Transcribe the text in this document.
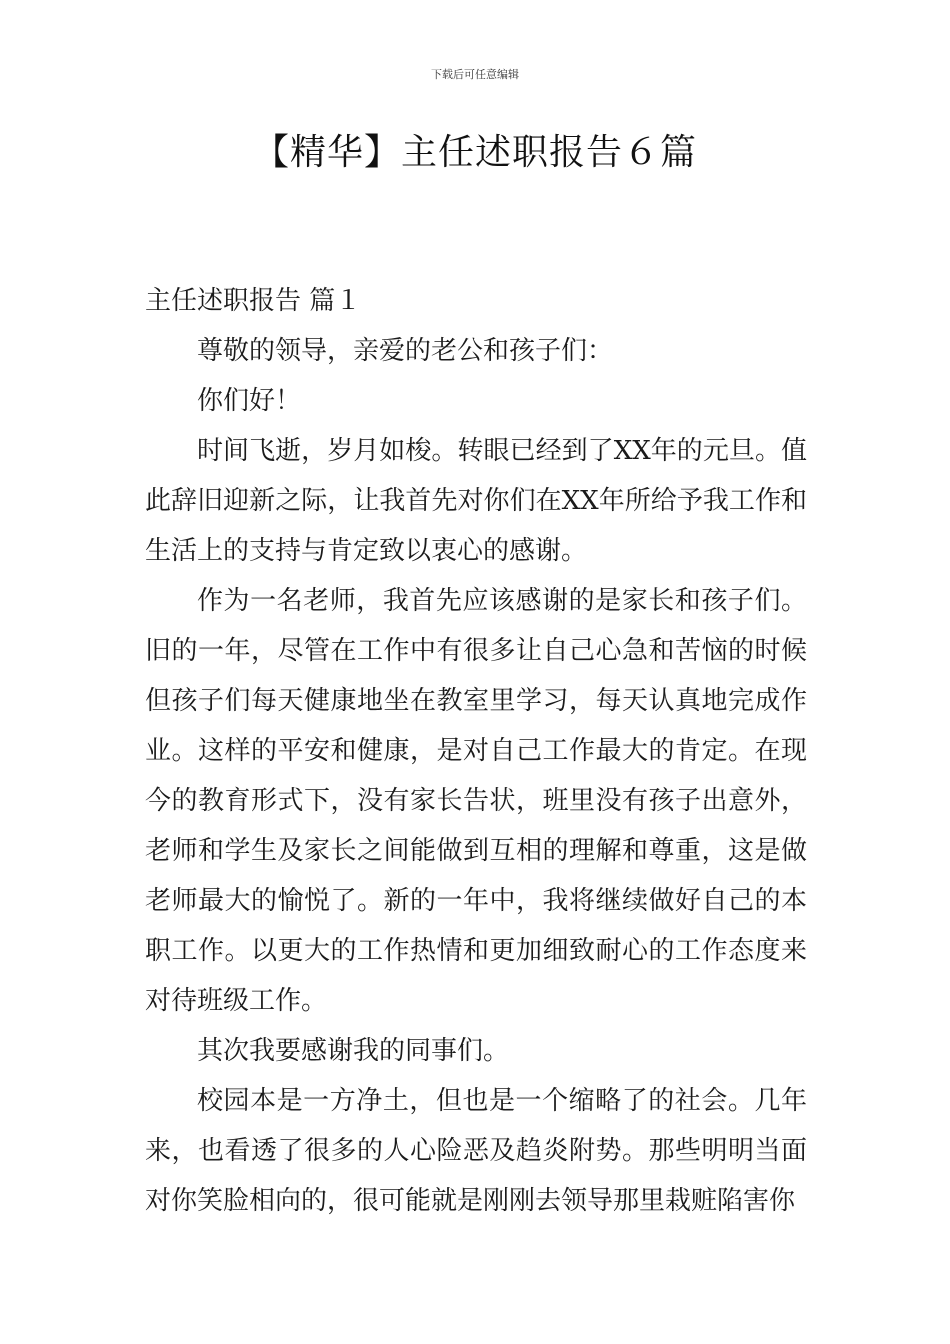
下载后可任意编辑
【精华】主任述职报告６篇

主任述职报告 篇１

尊敬的领导，亲爱的老公和孩子们：

你们好！

时间飞逝，岁月如梭。转眼已经到了XX年的元旦。值此辞旧迎新之际，让我首先对你们在XX年所给予我工作和生活上的支持与肯定致以衷心的感谢。

作为一名老师，我首先应该感谢的是家长和孩子们。旧的一年，尽管在工作中有很多让自己心急和苦恼的时候但孩子们每天健康地坐在教室里学习，每天认真地完成作业。这样的平安和健康，是对自己工作最大的肯定。在现今的教育形式下，没有家长告状，班里没有孩子出意外，老师和学生及家长之间能做到互相的理解和尊重，这是做老师最大的愉悦了。新的一年中，我将继续做好自己的本职工作。以更大的工作热情和更加细致耐心的工作态度来对待班级工作。

其次我要感谢我的同事们。

校园本是一方净土，但也是一个缩略了的社会。几年来，也看透了很多的人心险恶及趋炎附势。那些明明当面对你笑脸相向的，很可能就是刚刚去领导那里栽赃陷害你
